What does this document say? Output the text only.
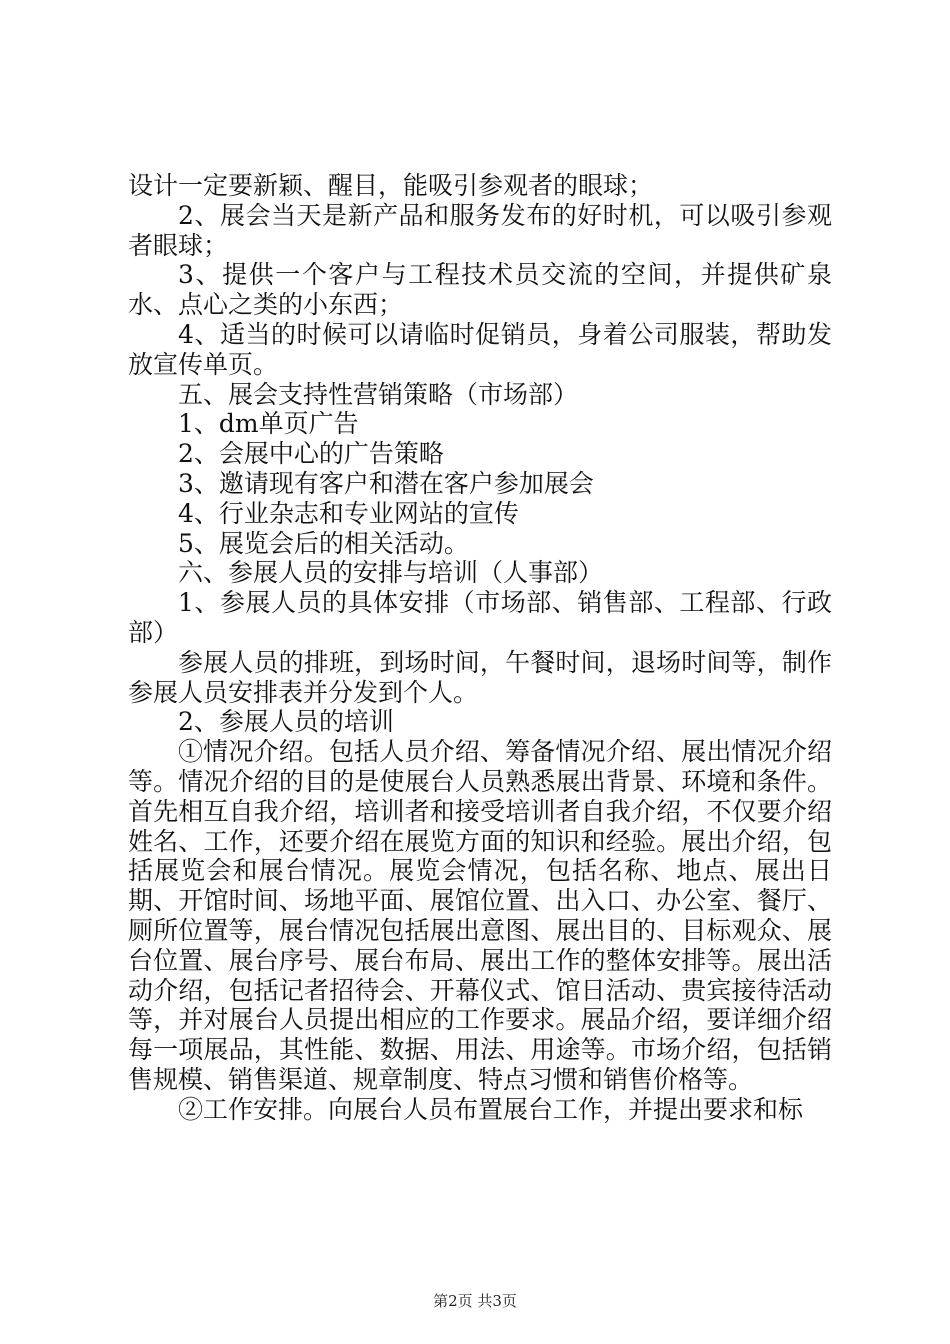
设计一定要新颖、醒目，能吸引参观者的眼球；

2、展会当天是新产品和服务发布的好时机，可以吸引参观者眼球；

3、提供一个客户与工程技术员交流的空间，并提供矿泉水、点心之类的小东西；

4、适当的时候可以请临时促销员，身着公司服装，帮助发放宣传单页。

五、展会支持性营销策略（市场部）

1、dm单页广告

2、会展中心的广告策略

3、邀请现有客户和潜在客户参加展会

4、行业杂志和专业网站的宣传

5、展览会后的相关活动。

六、参展人员的安排与培训（人事部）

1、参展人员的具体安排（市场部、销售部、工程部、行政部）

参展人员的排班，到场时间，午餐时间，退场时间等，制作参展人员安排表并分发到个人。

2、参展人员的培训

①情况介绍。包括人员介绍、筹备情况介绍、展出情况介绍等。情况介绍的目的是使展台人员熟悉展出背景、环境和条件。首先相互自我介绍，培训者和接受培训者自我介绍，不仅要介绍姓名、工作，还要介绍在展览方面的知识和经验。展出介绍，包括展览会和展台情况。展览会情况，包括名称、地点、展出日期、开馆时间、场地平面、展馆位置、出入口、办公室、餐厅、厕所位置等，展台情况包括展出意图、展出目的、目标观众、展台位置、展台序号、展台布局、展出工作的整体安排等。展出活动介绍，包括记者招待会、开幕仪式、馆日活动、贵宾接待活动等，并对展台人员提出相应的工作要求。展品介绍，要详细介绍每一项展品，其性能、数据、用法、用途等。市场介绍，包括销售规模、销售渠道、规章制度、特点习惯和销售价格等。

②工作安排。向展台人员布置展台工作，并提出要求和标

第2页 共3页
